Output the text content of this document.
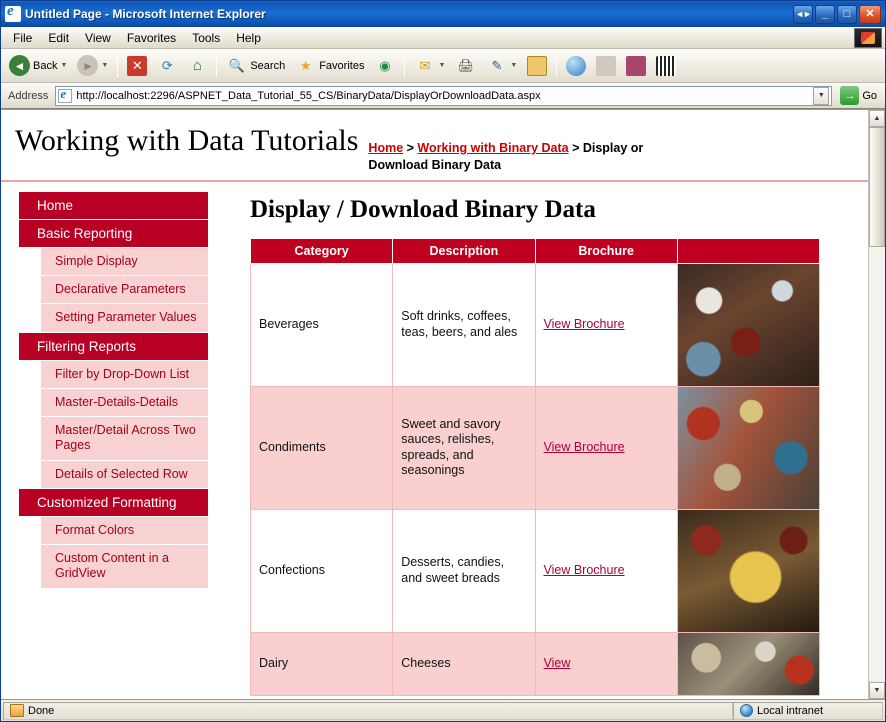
e
Untitled Page - Microsoft Internet Explorer	◄►	_	□	✕
File	Edit	View	Favorites	Tools	Help
◄ Back ▼	►	▼	✕	⟳	⌂	🔍 Search	★ Favorites	◉	✉	▼ 🖨	✎	▼
Address e	http://localhost:2296/ASPNET_Data_Tutorial_55_CS/BinaryData/DisplayOrDownloadData.aspx	▼	→ Go
Working with Data Tutorials Home > Working with Binary Data > Display or Download Binary Data
Home
Basic Reporting
Simple Display
Declarative Parameters
Setting Parameter Values
Filtering Reports
Filter by Drop-Down List
Master-Details-Details
Master/Detail Across Two Pages
Details of Selected Row
Customized Formatting
Format Colors
Custom Content in a GridView
Display / Download Binary Data
Category	Description	Brochure	
Beverages	Soft drinks, coffees, teas, beers, and ales	View Brochure	

Condiments	Sweet and savory sauces, relishes, spreads, and seasonings	View Brochure	

Confections	Desserts, candies, and sweet breads	View Brochure	

Dairy	Cheeses	View	
▲
▼
Done	Local intranet
